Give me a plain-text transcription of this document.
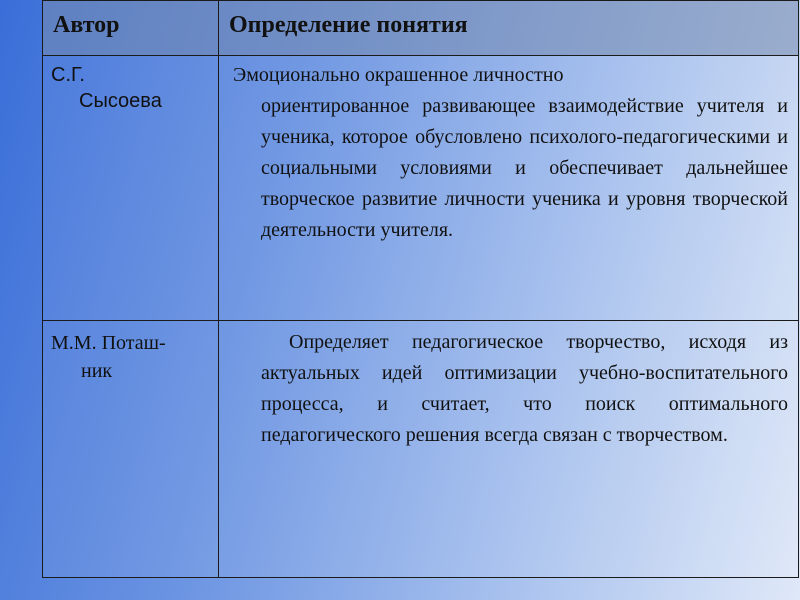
Автор	Определение понятия

С.Г.
Сысоева	Эмоционально окрашенное личностно
ориентированное развивающее взаимодействие учителя и ученика, которое обусловлено психолого-педагогическими и социальными условиями и обеспечивает дальнейшее творческое развитие личности ученика и уровня творческой деятельности учителя.

М.М. Поташ-
ник	Определяет педагогическое творчество, исходя из актуальных идей оптимизации учебно-воспитательного процесса, и считает, что поиск оптимального педагогического решения всегда связан с творчеством.
